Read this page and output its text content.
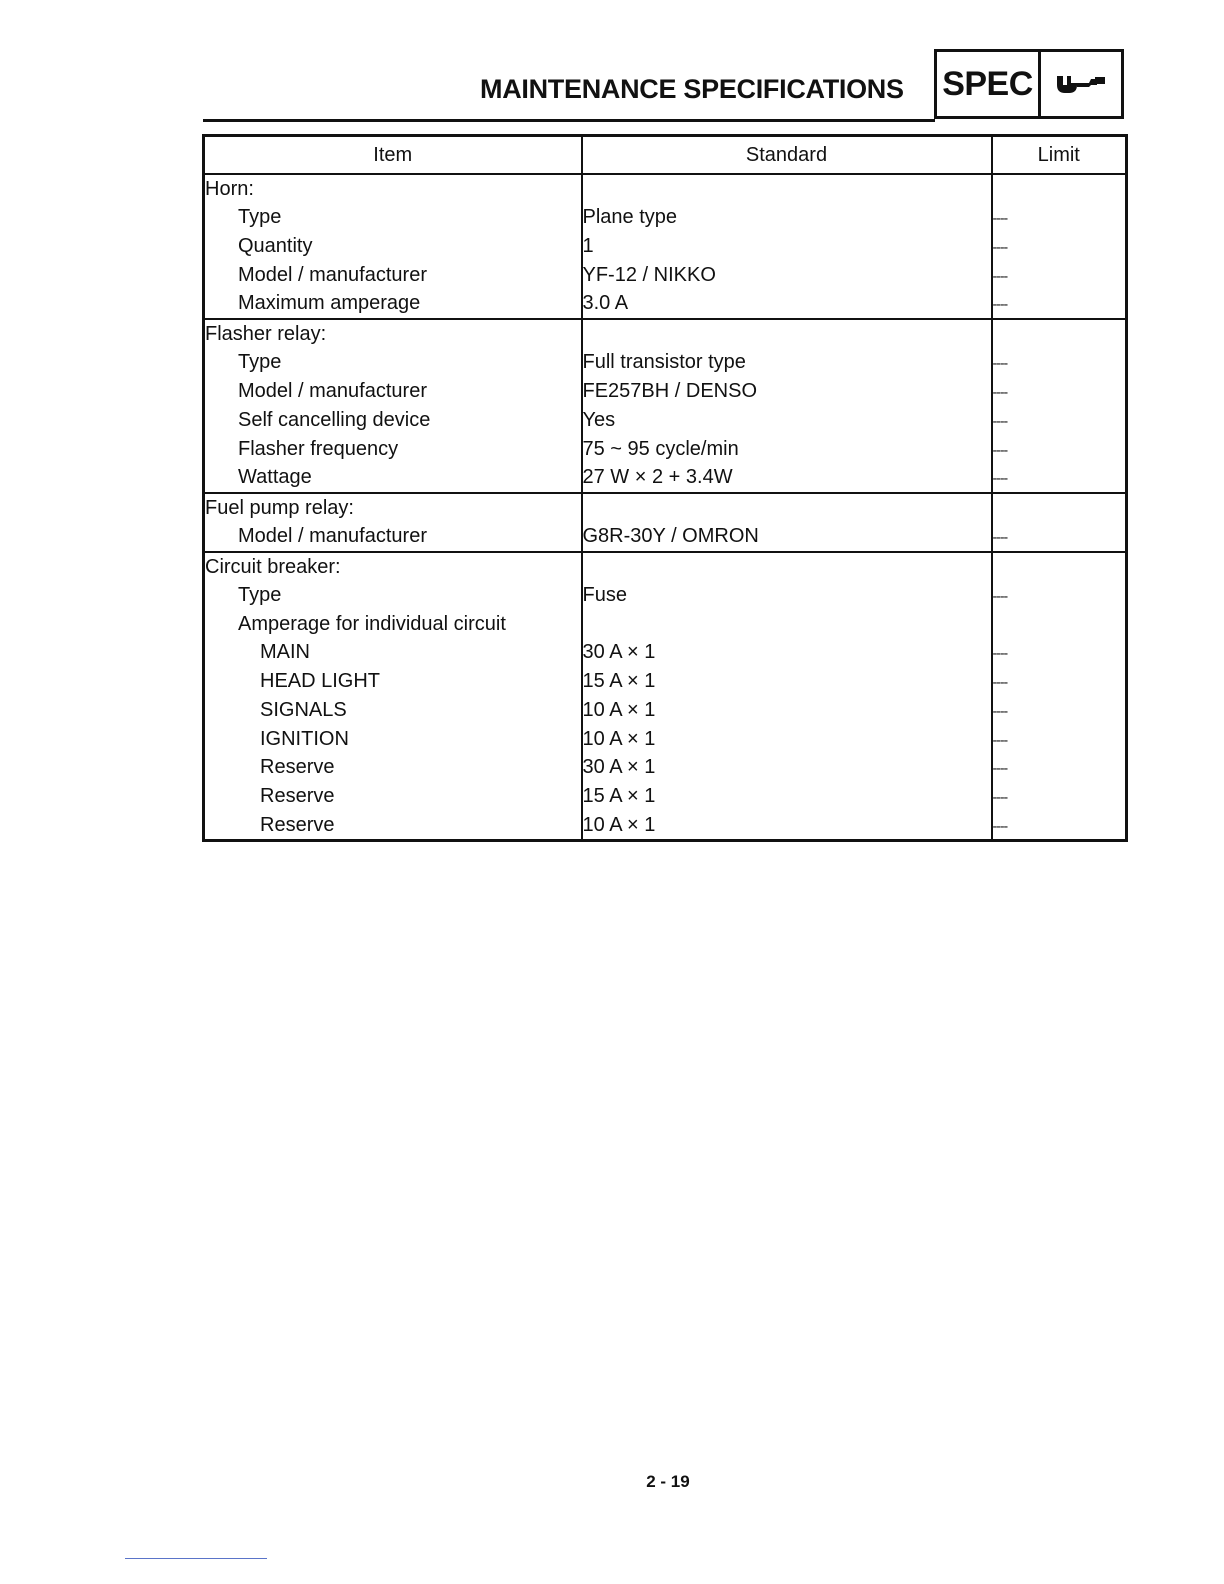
MAINTENANCE SPECIFICATIONS SPEC
Item	Standard	Limit
Horn:		
Type	Plane type	----
Quantity	1	----
Model / manufacturer	YF-12 / NIKKO	----
Maximum amperage	3.0 A	----
Flasher relay:		
Type	Full transistor type	----
Model / manufacturer	FE257BH / DENSO	----
Self cancelling device	Yes	----
Flasher frequency	75 ~ 95 cycle/min	----
Wattage	27 W × 2 + 3.4W	----
Fuel pump relay:		
Model / manufacturer	G8R-30Y / OMRON	----
Circuit breaker:		
Type	Fuse	----
Amperage for individual circuit		
MAIN	30 A × 1	----
HEAD LIGHT	15 A × 1	----
SIGNALS	10 A × 1	----
IGNITION	10 A × 1	----
Reserve	30 A × 1	----
Reserve	15 A × 1	----
Reserve	10 A × 1	----
2 - 19
